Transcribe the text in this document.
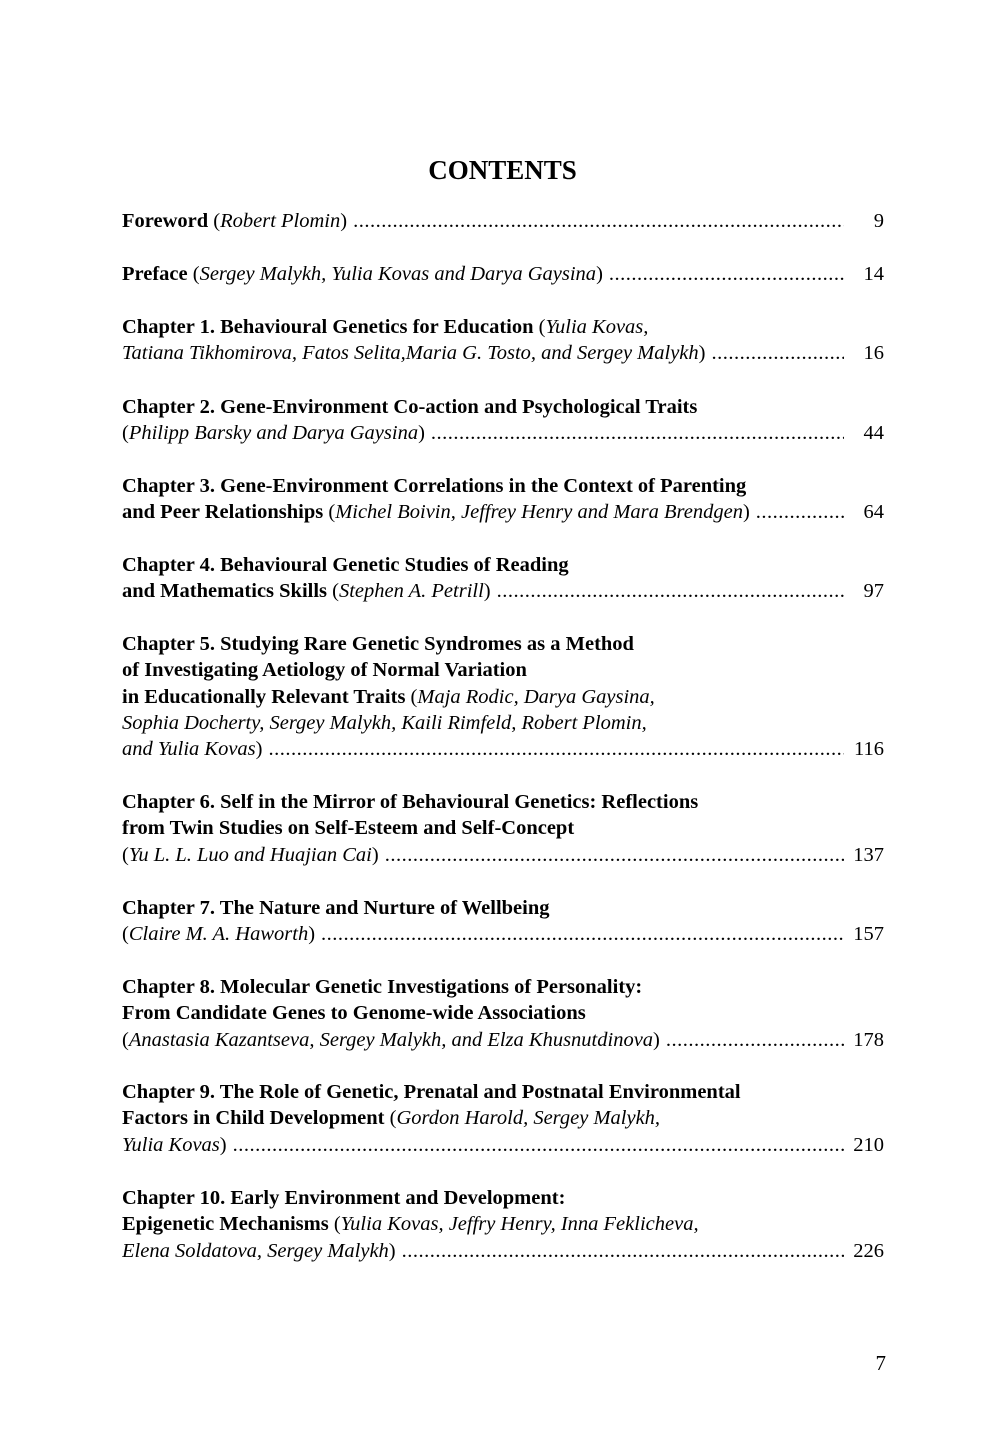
CONTENTS
Foreword (Robert Plomin) .....	9
Preface (Sergey Malykh, Yulia Kovas and Darya Gaysina) .....	14
Chapter 1. Behavioural Genetics for Education (Yulia Kovas,
Tatiana Tikhomirova, Fatos Selita,Maria G. Tosto, and Sergey Malykh) .....	16
Chapter 2. Gene-Environment Co-action and Psychological Traits
(Philipp Barsky and Darya Gaysina) .....	44
Chapter 3. Gene-Environment Correlations in the Context of Parenting
and Peer Relationships (Michel Boivin, Jeffrey Henry and Mara Brendgen) .....	64
Chapter 4. Behavioural Genetic Studies of Reading
and Mathematics Skills (Stephen A. Petrill) .....	97
Chapter 5. Studying Rare Genetic Syndromes as a Method
of Investigating Aetiology of Normal Variation
in Educationally Relevant Traits (Maja Rodic, Darya Gaysina,
Sophia Docherty, Sergey Malykh, Kaili Rimfeld, Robert Plomin,
and Yulia Kovas) .....	116
Chapter 6. Self in the Mirror of Behavioural Genetics: Reflections
from Twin Studies on Self-Esteem and Self-Concept
(Yu L. L. Luo and Huajian Cai) .....	137
Chapter 7. The Nature and Nurture of Wellbeing
(Claire M. A. Haworth) .....	157
Chapter 8. Molecular Genetic Investigations of Personality:
From Candidate Genes to Genome-wide Associations
(Anastasia Kazantseva, Sergey Malykh, and Elza Khusnutdinova) .....	178
Chapter 9. The Role of Genetic, Prenatal and Postnatal Environmental
Factors in Child Development (Gordon Harold, Sergey Malykh,
Yulia Kovas) .....	210
Chapter 10. Early Environment and Development:
Epigenetic Mechanisms (Yulia Kovas, Jeffry Henry, Inna Feklicheva,
Elena Soldatova, Sergey Malykh) .....	226
7
